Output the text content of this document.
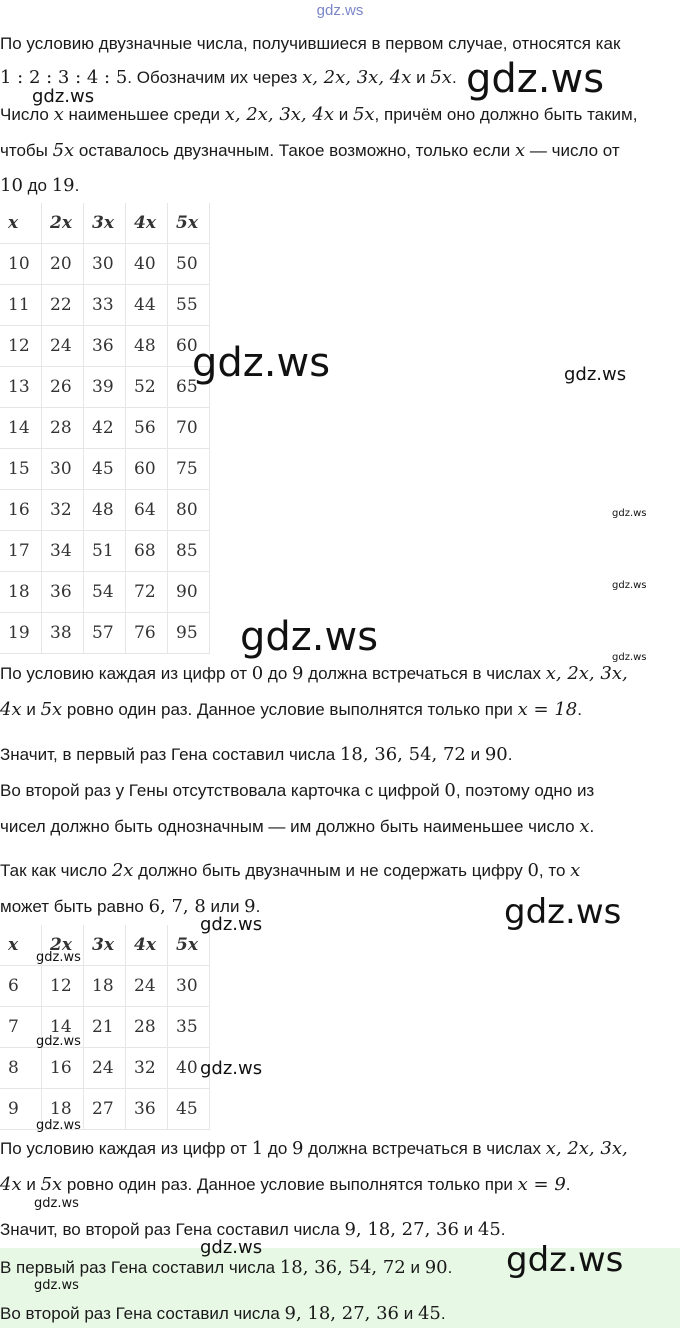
gdz.ws
По условию двузначные числа, получившиеся в первом случае, относятся как
1 : 2 : 3 : 4 : 5. Обозначим их через x, 2x, 3x, 4x и 5x.
Число x наименьшее среди x, 2x, 3x, 4x и 5x, причём оно должно быть таким,
чтобы 5x оставалось двузначным. Такое возможно, только если x — число от
10 до 19.
x	2x	3x	4x	5x
10	20	30	40	50
11	22	33	44	55
12	24	36	48	60
13	26	39	52	65
14	28	42	56	70
15	30	45	60	75
16	32	48	64	80
17	34	51	68	85
18	36	54	72	90
19	38	57	76	95
По условию каждая из цифр от 0 до 9 должна встречаться в числах x, 2x, 3x,
4x и 5x ровно один раз. Данное условие выполнятся только при x = 18.
Значит, в первый раз Гена составил числа 18, 36, 54, 72 и 90.
Во второй раз у Гены отсутствовала карточка с цифрой 0, поэтому одно из
чисел должно быть однозначным — им должно быть наименьшее число x.
Так как число 2x должно быть двузначным и не содержать цифру 0, то x
может быть равно 6, 7, 8 или 9.
x	2x	3x	4x	5x
6	12	18	24	30
7	14	21	28	35
8	16	24	32	40
9	18	27	36	45
По условию каждая из цифр от 1 до 9 должна встречаться в числах x, 2x, 3x,
4x и 5x ровно один раз. Данное условие выполнятся только при x = 9.
Значит, во второй раз Гена составил числа 9, 18, 27, 36 и 45.
В первый раз Гена составил числа 18, 36, 54, 72 и 90.
Во второй раз Гена составил числа 9, 18, 27, 36 и 45.
gdz.ws
gdz.ws
gdz.ws	gdz.ws
gdz.ws
gdz.ws
gdz.ws	gdz.ws
gdz.ws
gdz.ws
gdz.ws
gdz.ws
gdz.ws
gdz.ws
gdz.ws
gdz.ws	gdz.ws
gdz.ws
